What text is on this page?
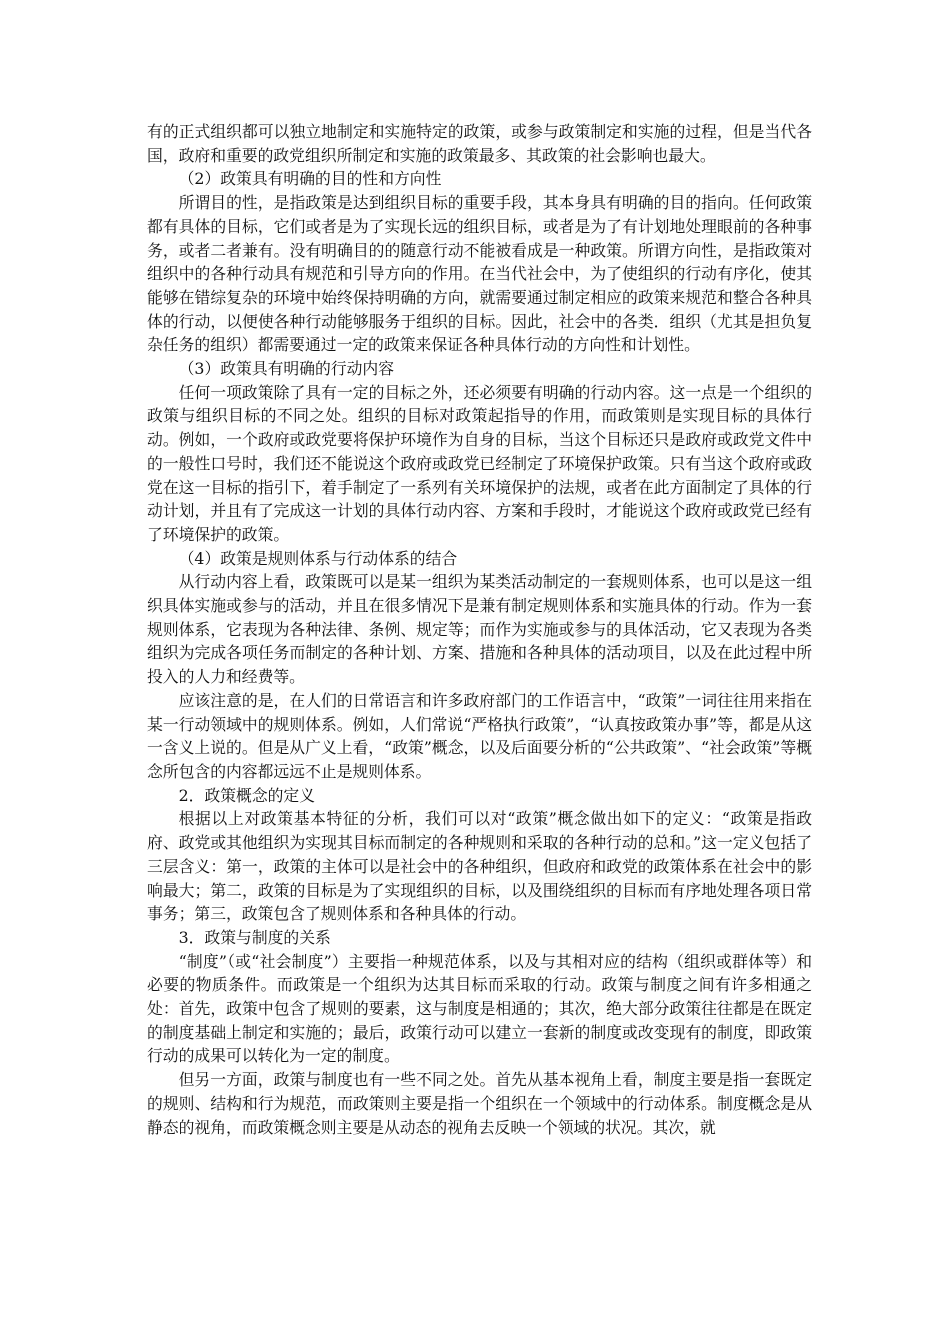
有的正式组织都可以独立地制定和实施特定的政策，或参与政策制定和实施的过程，但是当代各国，政府和重要的政党组织所制定和实施的政策最多、其政策的社会影响也最大。

（2）政策具有明确的目的性和方向性

所谓目的性，是指政策是达到组织目标的重要手段，其本身具有明确的目的指向。任何政策都有具体的目标，它们或者是为了实现长远的组织目标，或者是为了有计划地处理眼前的各种事务，或者二者兼有。没有明确目的的随意行动不能被看成是一种政策。所谓方向性，是指政策对组织中的各种行动具有规范和引导方向的作用。在当代社会中，为了使组织的行动有序化，使其能够在错综复杂的环境中始终保持明确的方向，就需要通过制定相应的政策来规范和整合各种具体的行动，以便使各种行动能够服务于组织的目标。因此，社会中的各类．组织（尤其是担负复杂任务的组织）都需要通过一定的政策来保证各种具体行动的方向性和计划性。

（3）政策具有明确的行动内容

任何一项政策除了具有一定的目标之外，还必须要有明确的行动内容。这一点是一个组织的政策与组织目标的不同之处。组织的目标对政策起指导的作用，而政策则是实现目标的具体行动。例如，一个政府或政党要将保护环境作为自身的目标，当这个目标还只是政府或政党文件中的一般性口号时，我们还不能说这个政府或政党已经制定了环境保护政策。只有当这个政府或政党在这一目标的指引下，着手制定了一系列有关环境保护的法规，或者在此方面制定了具体的行动计划，并且有了完成这一计划的具体行动内容、方案和手段时，才能说这个政府或政党已经有了环境保护的政策。

（4）政策是规则体系与行动体系的结合

从行动内容上看，政策既可以是某一组织为某类活动制定的一套规则体系，也可以是这一组织具体实施或参与的活动，并且在很多情况下是兼有制定规则体系和实施具体的行动。作为一套规则体系，它表现为各种法律、条例、规定等；而作为实施或参与的具体活动，它又表现为各类组织为完成各项任务而制定的各种计划、方案、措施和各种具体的活动项目，以及在此过程中所投入的人力和经费等。

应该注意的是，在人们的日常语言和许多政府部门的工作语言中，“政策”一词往往用来指在某一行动领域中的规则体系。例如，人们常说“严格执行政策”，“认真按政策办事”等，都是从这一含义上说的。但是从广义上看，“政策”概念，以及后面要分析的“公共政策”、“社会政策”等概念所包含的内容都远远不止是规则体系。

2．政策概念的定义

根据以上对政策基本特征的分析，我们可以对“政策”概念做出如下的定义：“政策是指政府、政党或其他组织为实现其目标而制定的各种规则和采取的各种行动的总和。”这一定义包括了三层含义：第一，政策的主体可以是社会中的各种组织，但政府和政党的政策体系在社会中的影响最大；第二，政策的目标是为了实现组织的目标，以及围绕组织的目标而有序地处理各项日常事务；第三，政策包含了规则体系和各种具体的行动。

3．政策与制度的关系

“制度”（或“社会制度”）主要指一种规范体系，以及与其相对应的结构（组织或群体等）和必要的物质条件。而政策是一个组织为达其目标而采取的行动。政策与制度之间有许多相通之处：首先，政策中包含了规则的要素，这与制度是相通的；其次，绝大部分政策往往都是在既定的制度基础上制定和实施的；最后，政策行动可以建立一套新的制度或改变现有的制度，即政策行动的成果可以转化为一定的制度。

但另一方面，政策与制度也有一些不同之处。首先从基本视角上看，制度主要是指一套既定的规则、结构和行为规范，而政策则主要是指一个组织在一个领域中的行动体系。制度概念是从静态的视角，而政策概念则主要是从动态的视角去反映一个领域的状况。其次，就
